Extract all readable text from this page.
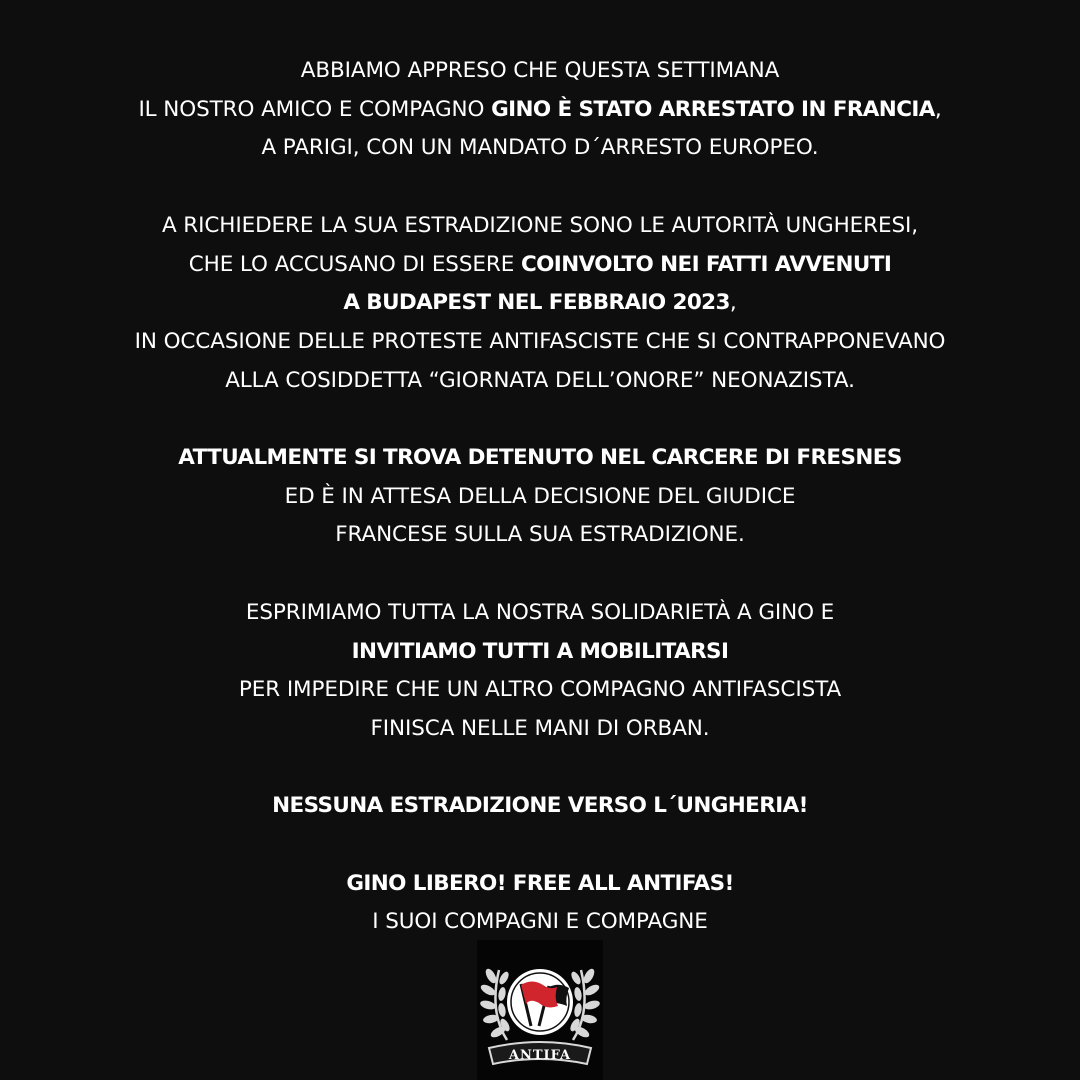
ABBIAMO APPRESO CHE QUESTA SETTIMANA
IL NOSTRO AMICO E COMPAGNO GINO È STATO ARRESTATO IN FRANCIA,
A PARIGI, CON UN MANDATO D´ARRESTO EUROPEO.
A RICHIEDERE LA SUA ESTRADIZIONE SONO LE AUTORITÀ UNGHERESI,
CHE LO ACCUSANO DI ESSERE COINVOLTO NEI FATTI AVVENUTI
A BUDAPEST NEL FEBBRAIO 2023,
IN OCCASIONE DELLE PROTESTE ANTIFASCISTE CHE SI CONTRAPPONEVANO
ALLA COSIDDETTA “GIORNATA DELL’ONORE” NEONAZISTA.
ATTUALMENTE SI TROVA DETENUTO NEL CARCERE DI FRESNES
ED È IN ATTESA DELLA DECISIONE DEL GIUDICE
FRANCESE SULLA SUA ESTRADIZIONE.
ESPRIMIAMO TUTTA LA NOSTRA SOLIDARIETÀ A GINO E
INVITIAMO TUTTI A MOBILITARSI
PER IMPEDIRE CHE UN ALTRO COMPAGNO ANTIFASCISTA
FINISCA NELLE MANI DI ORBAN.
NESSUNA ESTRADIZIONE VERSO L´UNGHERIA!
GINO LIBERO! FREE ALL ANTIFAS!
I SUOI COMPAGNI E COMPAGNE
ANTIFA
